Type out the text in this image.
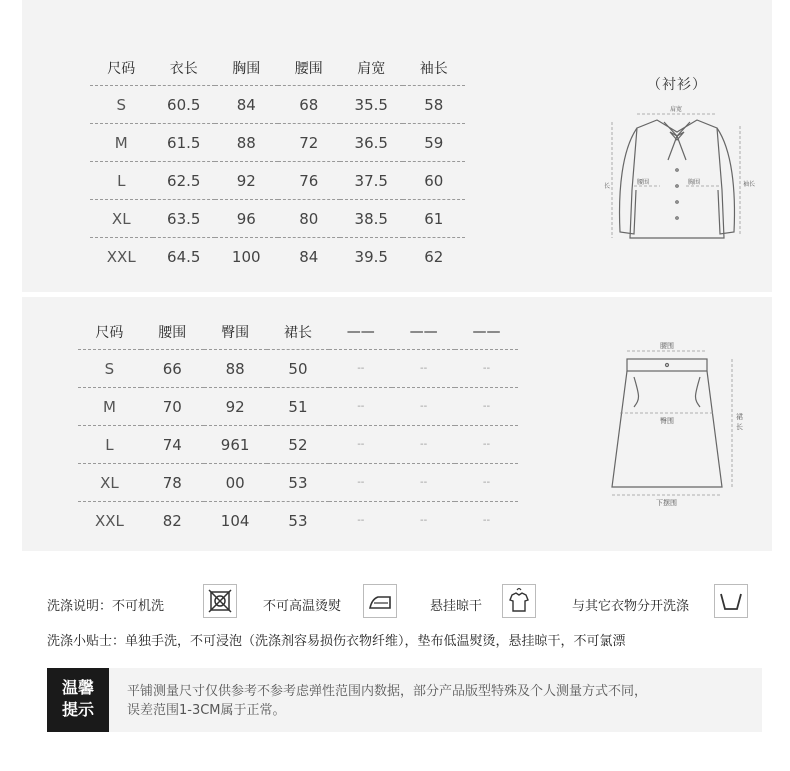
尺码	衣长	胸围	腰围	肩宽	袖长
S	60.5	84	68	35.5	58
M	61.5	88	72	36.5	59
L	62.5	92	76	37.5	60
XL	63.5	96	80	38.5	61
XXL	64.5	100	84	39.5	62
（衬衫）
肩宽
长
腰围	胸围	袖长
尺码	腰围	臀围	裙长	——	——	——
S	66	88	50	--	--	--
M	70	92	51	--	--	--
L	74	961	52	--	--	--
XL	78	00	53	--	--	--
XXL	82	104	53	--	--	--
腰围
臀围	裙
长
下摆围
洗涤说明：不可机洗	不可高温烫熨	悬挂晾干	与其它衣物分开洗涤
洗涤小贴士：单独手洗，不可浸泡（洗涤剂容易损伤衣物纤维），垫布低温熨烫，悬挂晾干，不可氯漂
温馨
提示
平铺测量尺寸仅供参考不参考虑弹性范围内数据，部分产品版型特殊及个人测量方式不同，
误差范围1-3CM属于正常。
